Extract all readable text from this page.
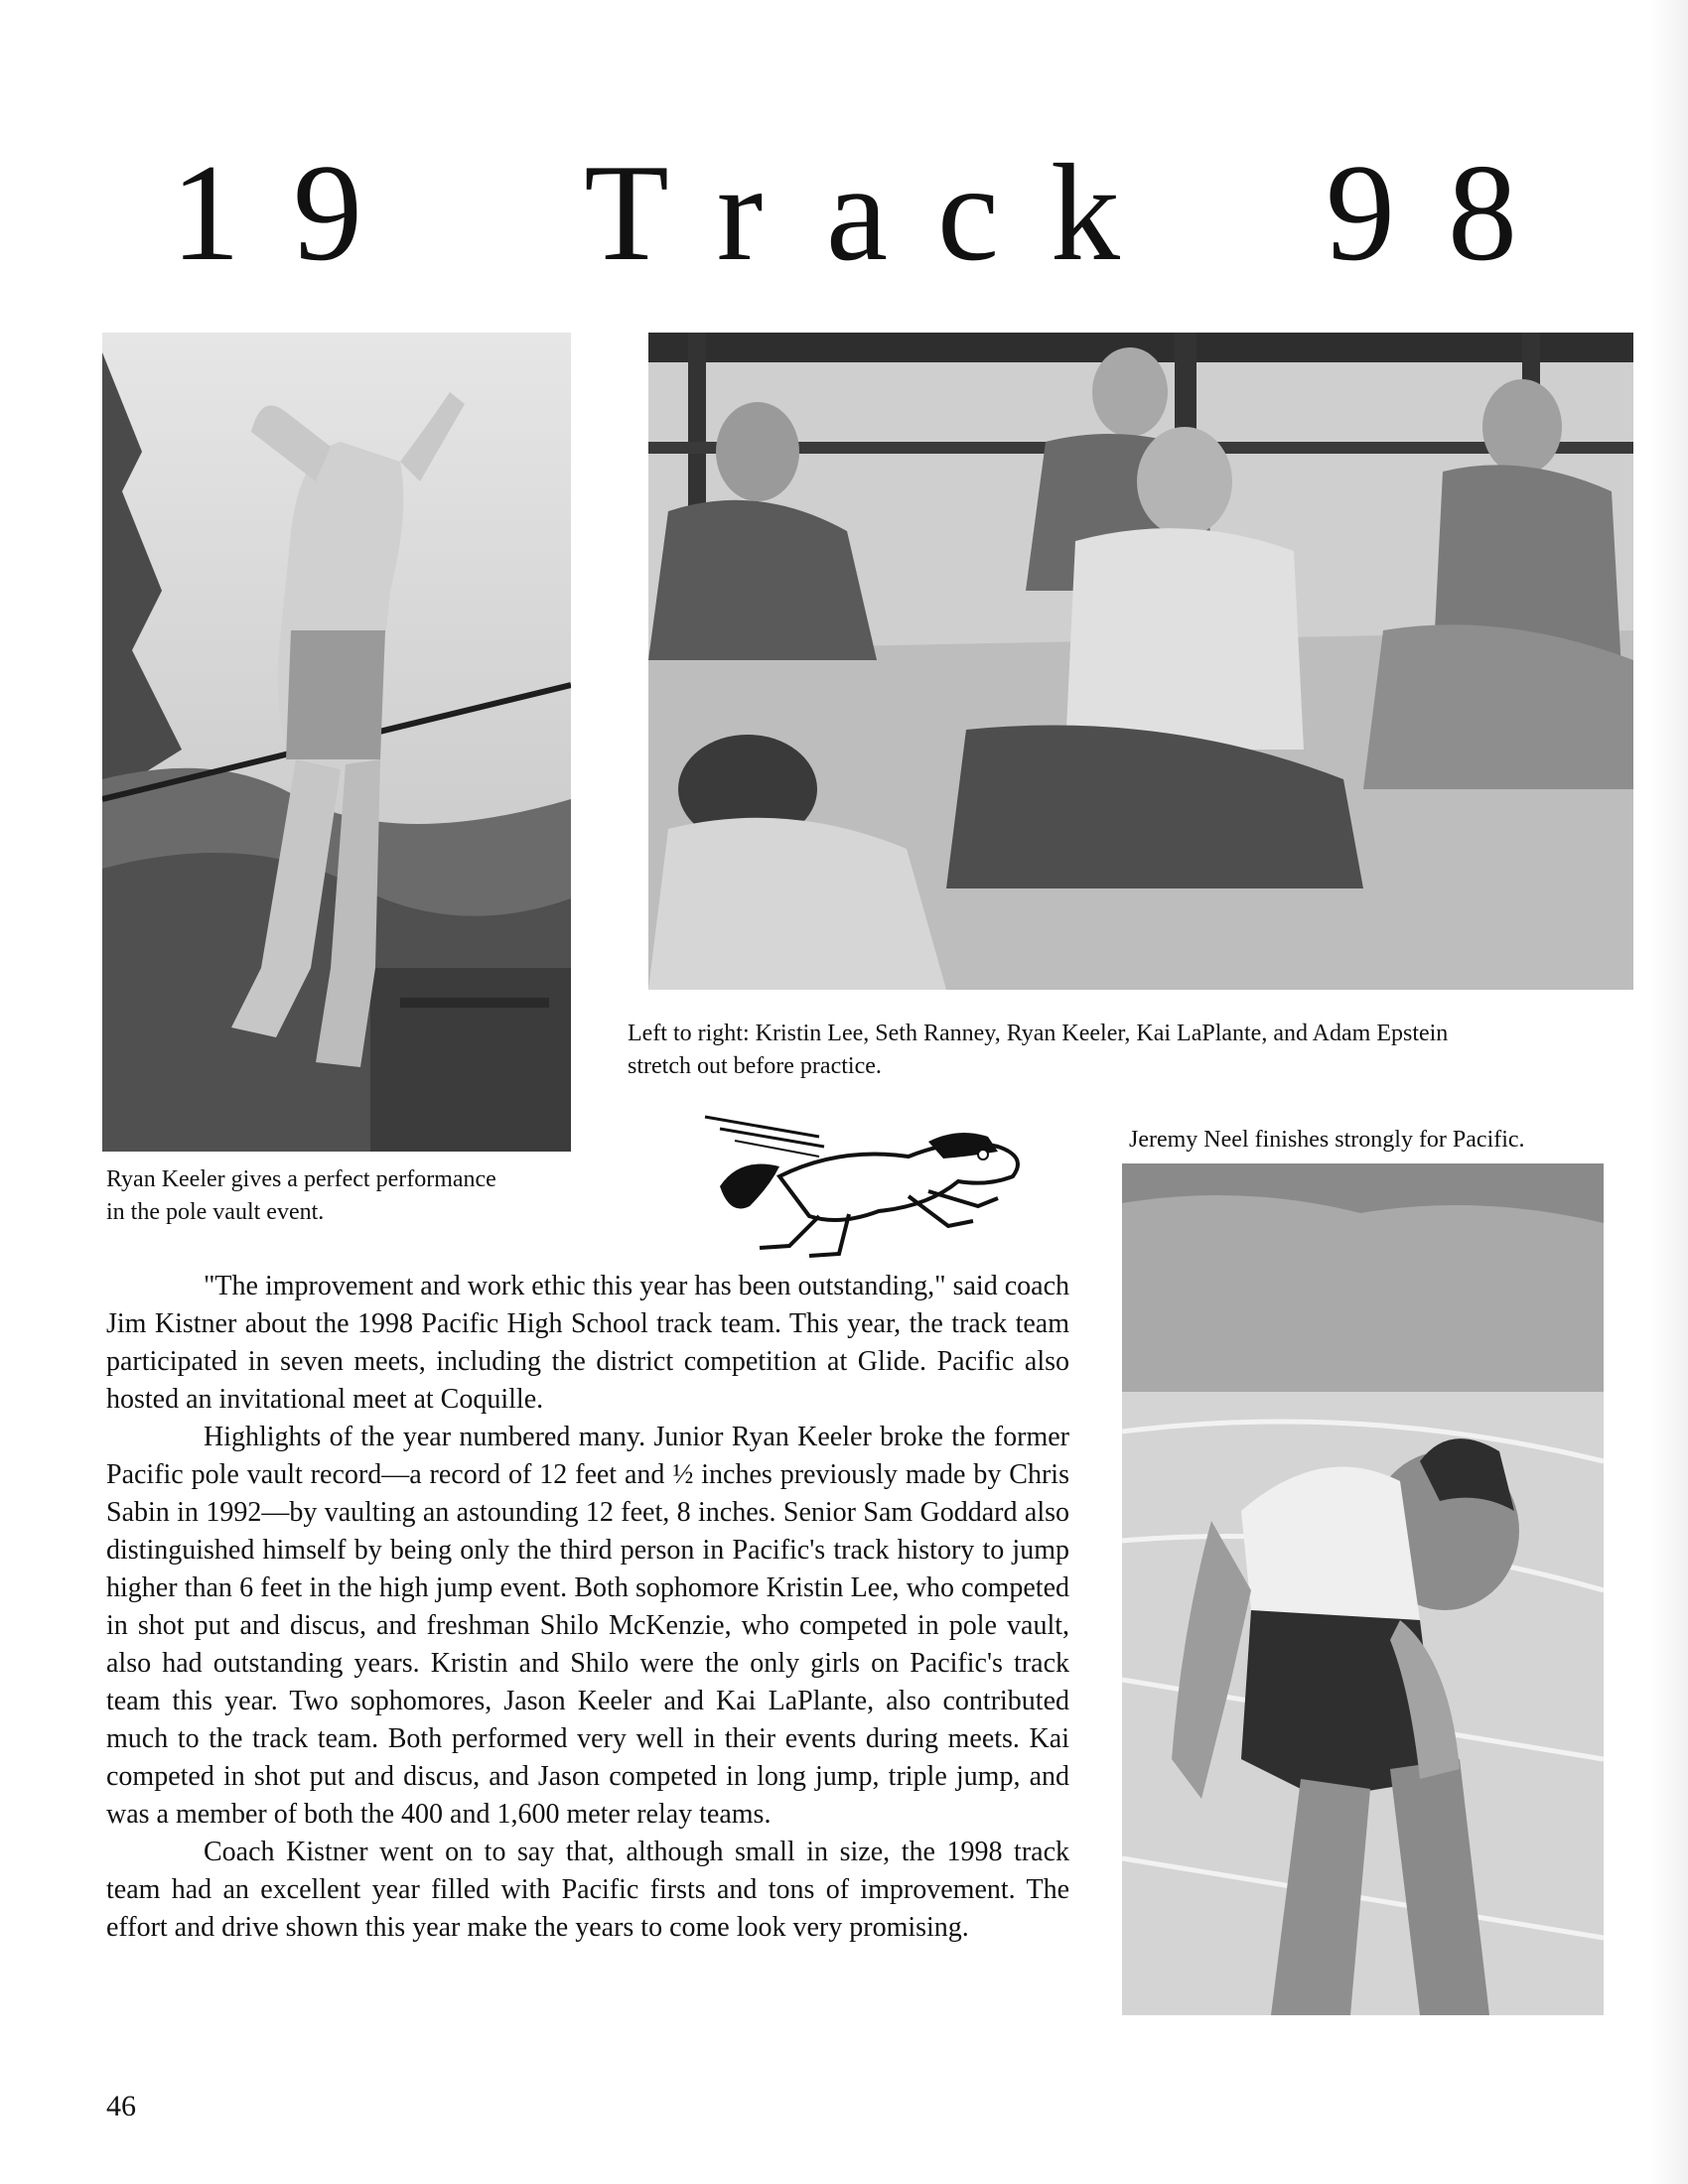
1 9 T r a c k 9 8
Ryan Keeler gives a perfect performance
in the pole vault event.
Left to right: Kristin Lee, Seth Ranney, Ryan Keeler, Kai LaPlante, and Adam Epstein
stretch out before practice.
Jeremy Neel finishes strongly for Pacific.

"The improvement and work ethic this year has been outstanding," said coach Jim Kistner about the 1998 Pacific High School track team. This year, the track team participated in seven meets, including the district competition at Glide. Pacific also hosted an invitational meet at Coquille.

Highlights of the year numbered many. Junior Ryan Keeler broke the former Pacific pole vault record—a record of 12 feet and ½ inches previously made by Chris Sabin in 1992—by vaulting an astounding 12 feet, 8 inches. Senior Sam Goddard also distinguished himself by being only the third person in Pacific's track history to jump higher than 6 feet in the high jump event. Both sophomore Kristin Lee, who competed in shot put and discus, and freshman Shilo McKenzie, who competed in pole vault, also had outstanding years. Kristin and Shilo were the only girls on Pacific's track team this year. Two sophomores, Jason Keeler and Kai LaPlante, also contributed much to the track team. Both performed very well in their events during meets. Kai competed in shot put and discus, and Jason competed in long jump, triple jump, and was a member of both the 400 and 1,600 meter relay teams.

Coach Kistner went on to say that, although small in size, the 1998 track team had an excellent year filled with Pacific firsts and tons of improvement. The effort and drive shown this year make the years to come look very promising.

46
